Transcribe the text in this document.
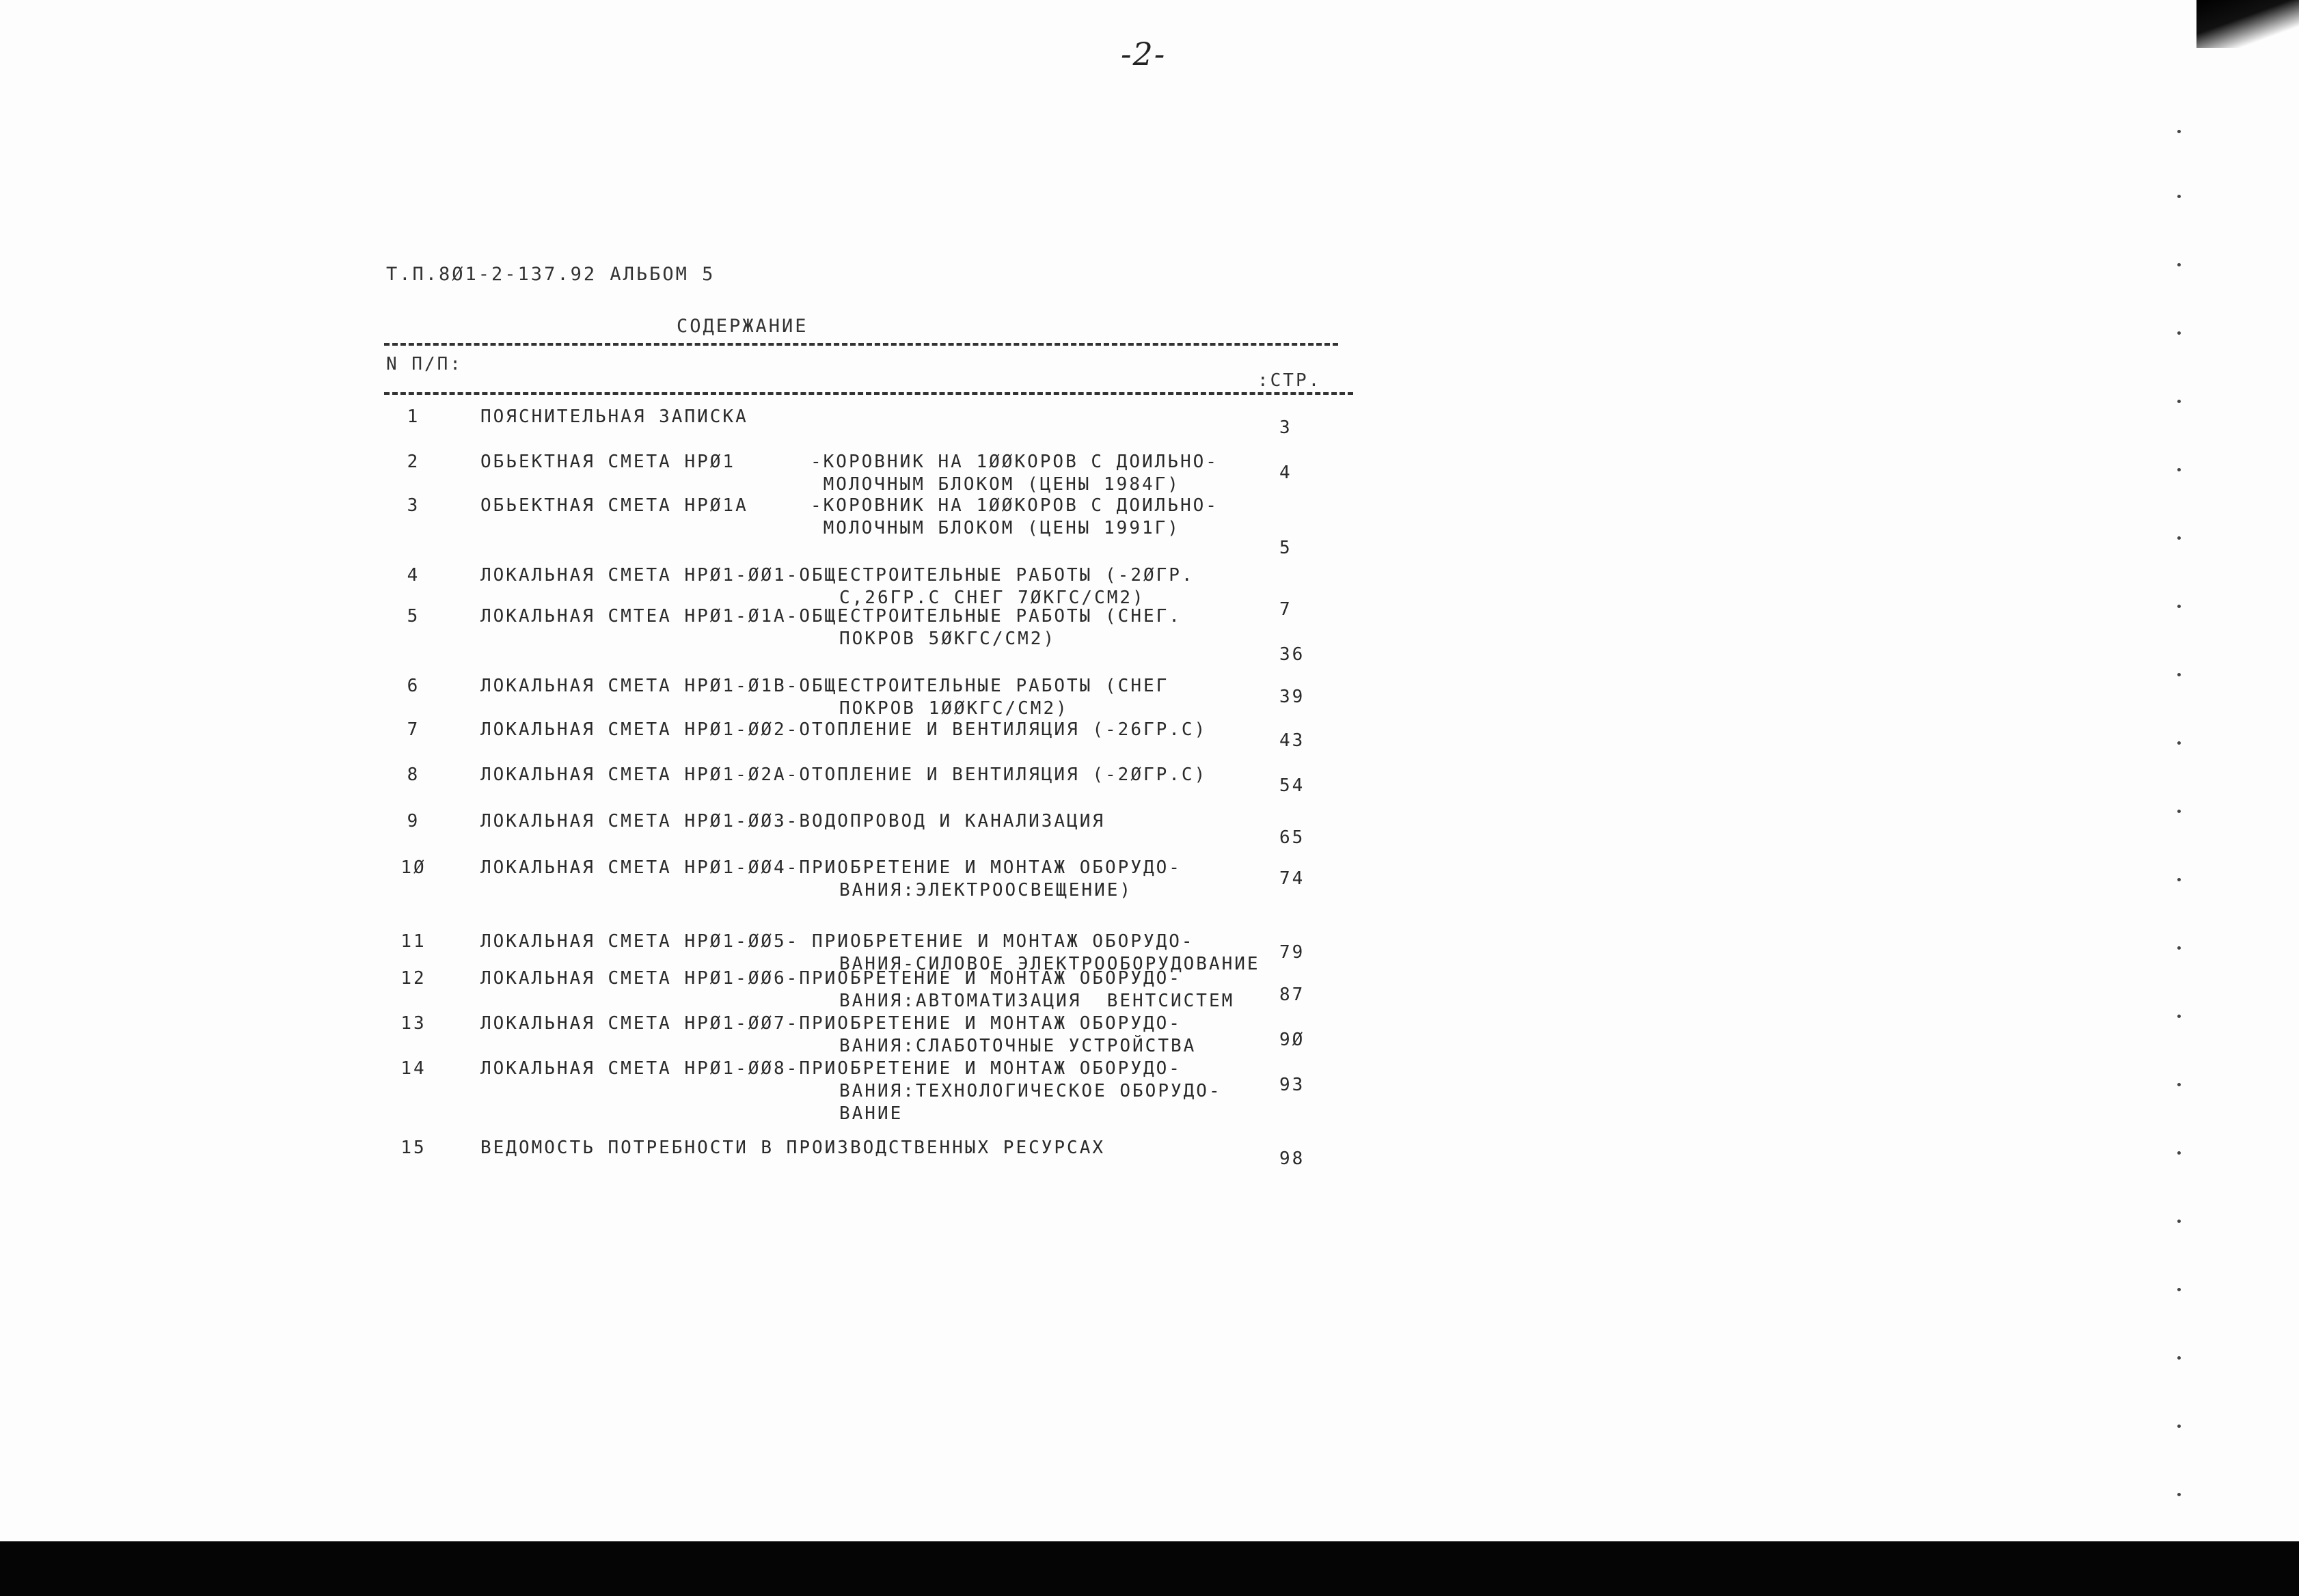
-2-
Т.П.8Ø1-2-137.92 АЛЬБОМ 5
СОДЕРЖАНИЕ
N П/П:
:СТР.
1	ПОЯСНИТЕЛЬНАЯ ЗАПИСКА
3
2	ОБЬЕКТНАЯ СМЕТА НРØ1	-КОРОВНИК НА 1ØØКОРОВ С ДОИЛЬНО-
МОЛОЧНЫМ БЛОКОМ (ЦЕНЫ 1984Г)
4
3	ОБЬЕКТНАЯ СМЕТА НРØ1А	-КОРОВНИК НА 1ØØКОРОВ С ДОИЛЬНО-
МОЛОЧНЫМ БЛОКОМ (ЦЕНЫ 1991Г)
5
4	ЛОКАЛЬНАЯ СМЕТА НРØ1-ØØ1-ОБЩЕСТРОИТЕЛЬНЫЕ РАБОТЫ (-2ØГР.
С,26ГР.С СНЕГ 7ØКГС/СМ2)
7
5	ЛОКАЛЬНАЯ СМТЕА НРØ1-Ø1А-ОБЩЕСТРОИТЕЛЬНЫЕ РАБОТЫ (СНЕГ.
ПОКРОВ 5ØКГС/СМ2)
36
6	ЛОКАЛЬНАЯ СМЕТА НРØ1-Ø1В-ОБЩЕСТРОИТЕЛЬНЫЕ РАБОТЫ (СНЕГ
ПОКРОВ 1ØØКГС/СМ2)
39
7	ЛОКАЛЬНАЯ СМЕТА НРØ1-ØØ2-ОТОПЛЕНИЕ И ВЕНТИЛЯЦИЯ (-26ГР.С)
43
8	ЛОКАЛЬНАЯ СМЕТА НРØ1-Ø2А-ОТОПЛЕНИЕ И ВЕНТИЛЯЦИЯ (-2ØГР.С)
54
9	ЛОКАЛЬНАЯ СМЕТА НРØ1-ØØ3-ВОДОПРОВОД И КАНАЛИЗАЦИЯ
65
1Ø	ЛОКАЛЬНАЯ СМЕТА НРØ1-ØØ4-ПРИОБРЕТЕНИЕ И МОНТАЖ ОБОРУДО-
ВАНИЯ:ЭЛЕКТРООСВЕЩЕНИЕ)
74
11	ЛОКАЛЬНАЯ СМЕТА НРØ1-ØØ5- ПРИОБРЕТЕНИЕ И МОНТАЖ ОБОРУДО-
ВАНИЯ-СИЛОВОЕ ЭЛЕКТРООБОРУДОВАНИЕ
79
12	ЛОКАЛЬНАЯ СМЕТА НРØ1-ØØ6-ПРИОБРЕТЕНИЕ И МОНТАЖ ОБОРУДО-
ВАНИЯ:АВТОМАТИЗАЦИЯ  ВЕНТСИСТЕМ	87
13	ЛОКАЛЬНАЯ СМЕТА НРØ1-ØØ7-ПРИОБРЕТЕНИЕ И МОНТАЖ ОБОРУДО-
ВАНИЯ:СЛАБОТОЧНЫЕ УСТРОЙСТВА	9Ø
14	ЛОКАЛЬНАЯ СМЕТА НРØ1-ØØ8-ПРИОБРЕТЕНИЕ И МОНТАЖ ОБОРУДО-
ВАНИЯ:ТЕХНОЛОГИЧЕСКОЕ ОБОРУДО-
ВАНИЕ
93
15	ВЕДОМОСТЬ ПОТРЕБНОСТИ В ПРОИЗВОДСТВЕННЫХ РЕСУРСАХ
98
